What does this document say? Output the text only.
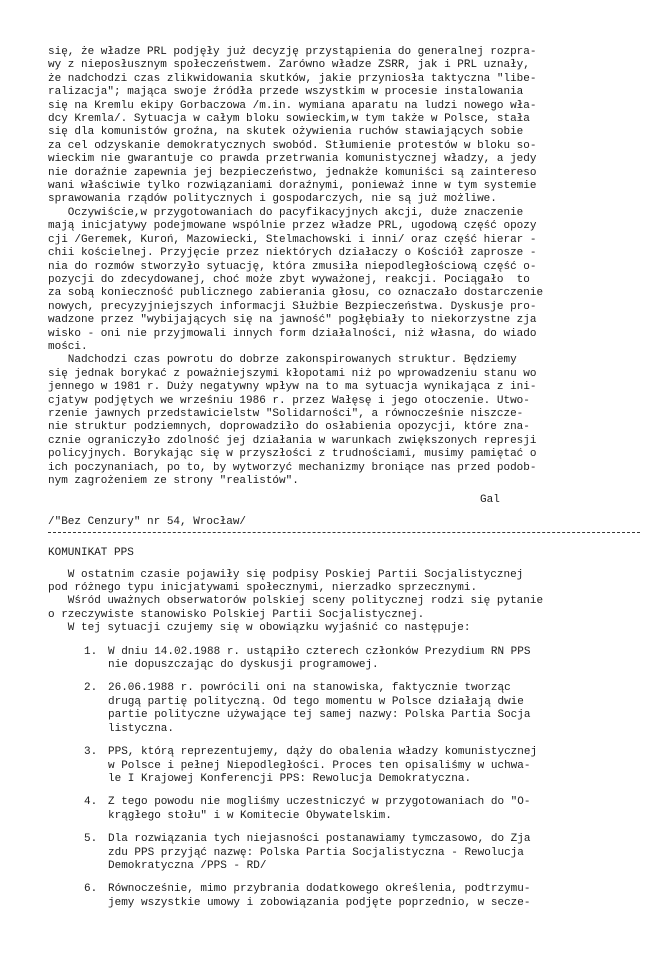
się, że władze PRL podjęły już decyzję przystąpienia do generalnej rozpra-
wy z nieposłusznym społeczeństwem. Zarówno władze ZSRR, jak i PRL uznały,
że nadchodzi czas zlikwidowania skutków, jakie przyniosła taktyczna "libe-
ralizacja"; mająca swoje źródła przede wszystkim w procesie instalowania
się na Kremlu ekipy Gorbaczowa /m.in. wymiana aparatu na ludzi nowego wła-
dcy Kremla/. Sytuacja w całym bloku sowieckim,w tym także w Polsce, stała
się dla komunistów groźna, na skutek ożywienia ruchów stawiających sobie
za cel odzyskanie demokratycznych swobód. Stłumienie protestów w bloku so-
wieckim nie gwarantuje co prawda przetrwania komunistycznej władzy, a jedy
nie doraźnie zapewnia jej bezpieczeństwo, jednakże komuniści są zaintereso
wani właściwie tylko rozwiązaniami doraźnymi, ponieważ inne w tym systemie
sprawowania rządów politycznych i gospodarczych, nie są już możliwe.
Oczywiście,w przygotowaniach do pacyfikacyjnych akcji, duże znaczenie
mają inicjatywy podejmowane wspólnie przez władze PRL, ugodową część opozy
cji /Geremek, Kuroń, Mazowiecki, Stelmachowski i inni/ oraz część hierar -
chii kościelnej. Przyjęcie przez niektórych działaczy o Kościół zaprosze -
nia do rozmów stworzyło sytuację, która zmusiła niepodległościową część o-
pozycji do zdecydowanej, choć może zbyt wyważonej, reakcji. Pociągało  to
za sobą konieczność publicznego zabierania głosu, co oznaczało dostarczenie
nowych, precyzyjniejszych informacji Służbie Bezpieczeństwa. Dyskusje pro-
wadzone przez "wybijających się na jawność" pogłębiały to niekorzystne zja
wisko - oni nie przyjmowali innych form działalności, niż własna, do wiado
mości.
Nadchodzi czas powrotu do dobrze zakonspirowanych struktur. Będziemy
się jednak borykać z poważniejszymi kłopotami niż po wprowadzeniu stanu wo
jennego w 1981 r. Duży negatywny wpływ na to ma sytuacja wynikająca z ini-
cjatyw podjętych we wrześniu 1986 r. przez Wałęsę i jego otoczenie. Utwo-
rzenie jawnych przedstawicielstw "Solidarności", a równocześnie niszcze-
nie struktur podziemnych, doprowadziło do osłabienia opozycji, które zna-
cznie ograniczyło zdolność jej działania w warunkach zwiększonych represji
policyjnych. Borykając się w przyszłości z trudnościami, musimy pamiętać o
ich poczynaniach, po to, by wytworzyć mechanizmy broniące nas przed podob-
nym zagrożeniem ze strony "realistów".
Gal
/"Bez Cenzury" nr 54, Wrocław/
KOMUNIKAT PPS
W ostatnim czasie pojawiły się podpisy Poskiej Partii Socjalistycznej
pod różnego typu inicjatywami społecznymi, nierzadko sprzecznymi.
Wśród uważnych obserwatorów polskiej sceny politycznej rodzi się pytanie
o rzeczywiste stanowisko Polskiej Partii Socjalistycznej.
W tej sytuacji czujemy się w obowiązku wyjaśnić co następuje:
1. W dniu 14.02.1988 r. ustąpiło czterech członków Prezydium RN PPS
nie dopuszczając do dyskusji programowej.
2. 26.06.1988 r. powrócili oni na stanowiska, faktycznie tworząc
drugą partię polityczną. Od tego momentu w Polsce działają dwie
partie polityczne używające tej samej nazwy: Polska Partia Socja
listyczna.
3. PPS, którą reprezentujemy, dąży do obalenia władzy komunistycznej
w Polsce i pełnej Niepodległości. Proces ten opisaliśmy w uchwa-
le I Krajowej Konferencji PPS: Rewolucja Demokratyczna.
4. Z tego powodu nie mogliśmy uczestniczyć w przygotowaniach do "O-
krągłego stołu" i w Komitecie Obywatelskim.
5. Dla rozwiązania tych niejasności postanawiamy tymczasowo, do Zja
zdu PPS przyjąć nazwę: Polska Partia Socjalistyczna - Rewolucja
Demokratyczna /PPS - RD/
6. Równocześnie, mimo przybrania dodatkowego określenia, podtrzymu-
jemy wszystkie umowy i zobowiązania podjęte poprzednio, w secze-
